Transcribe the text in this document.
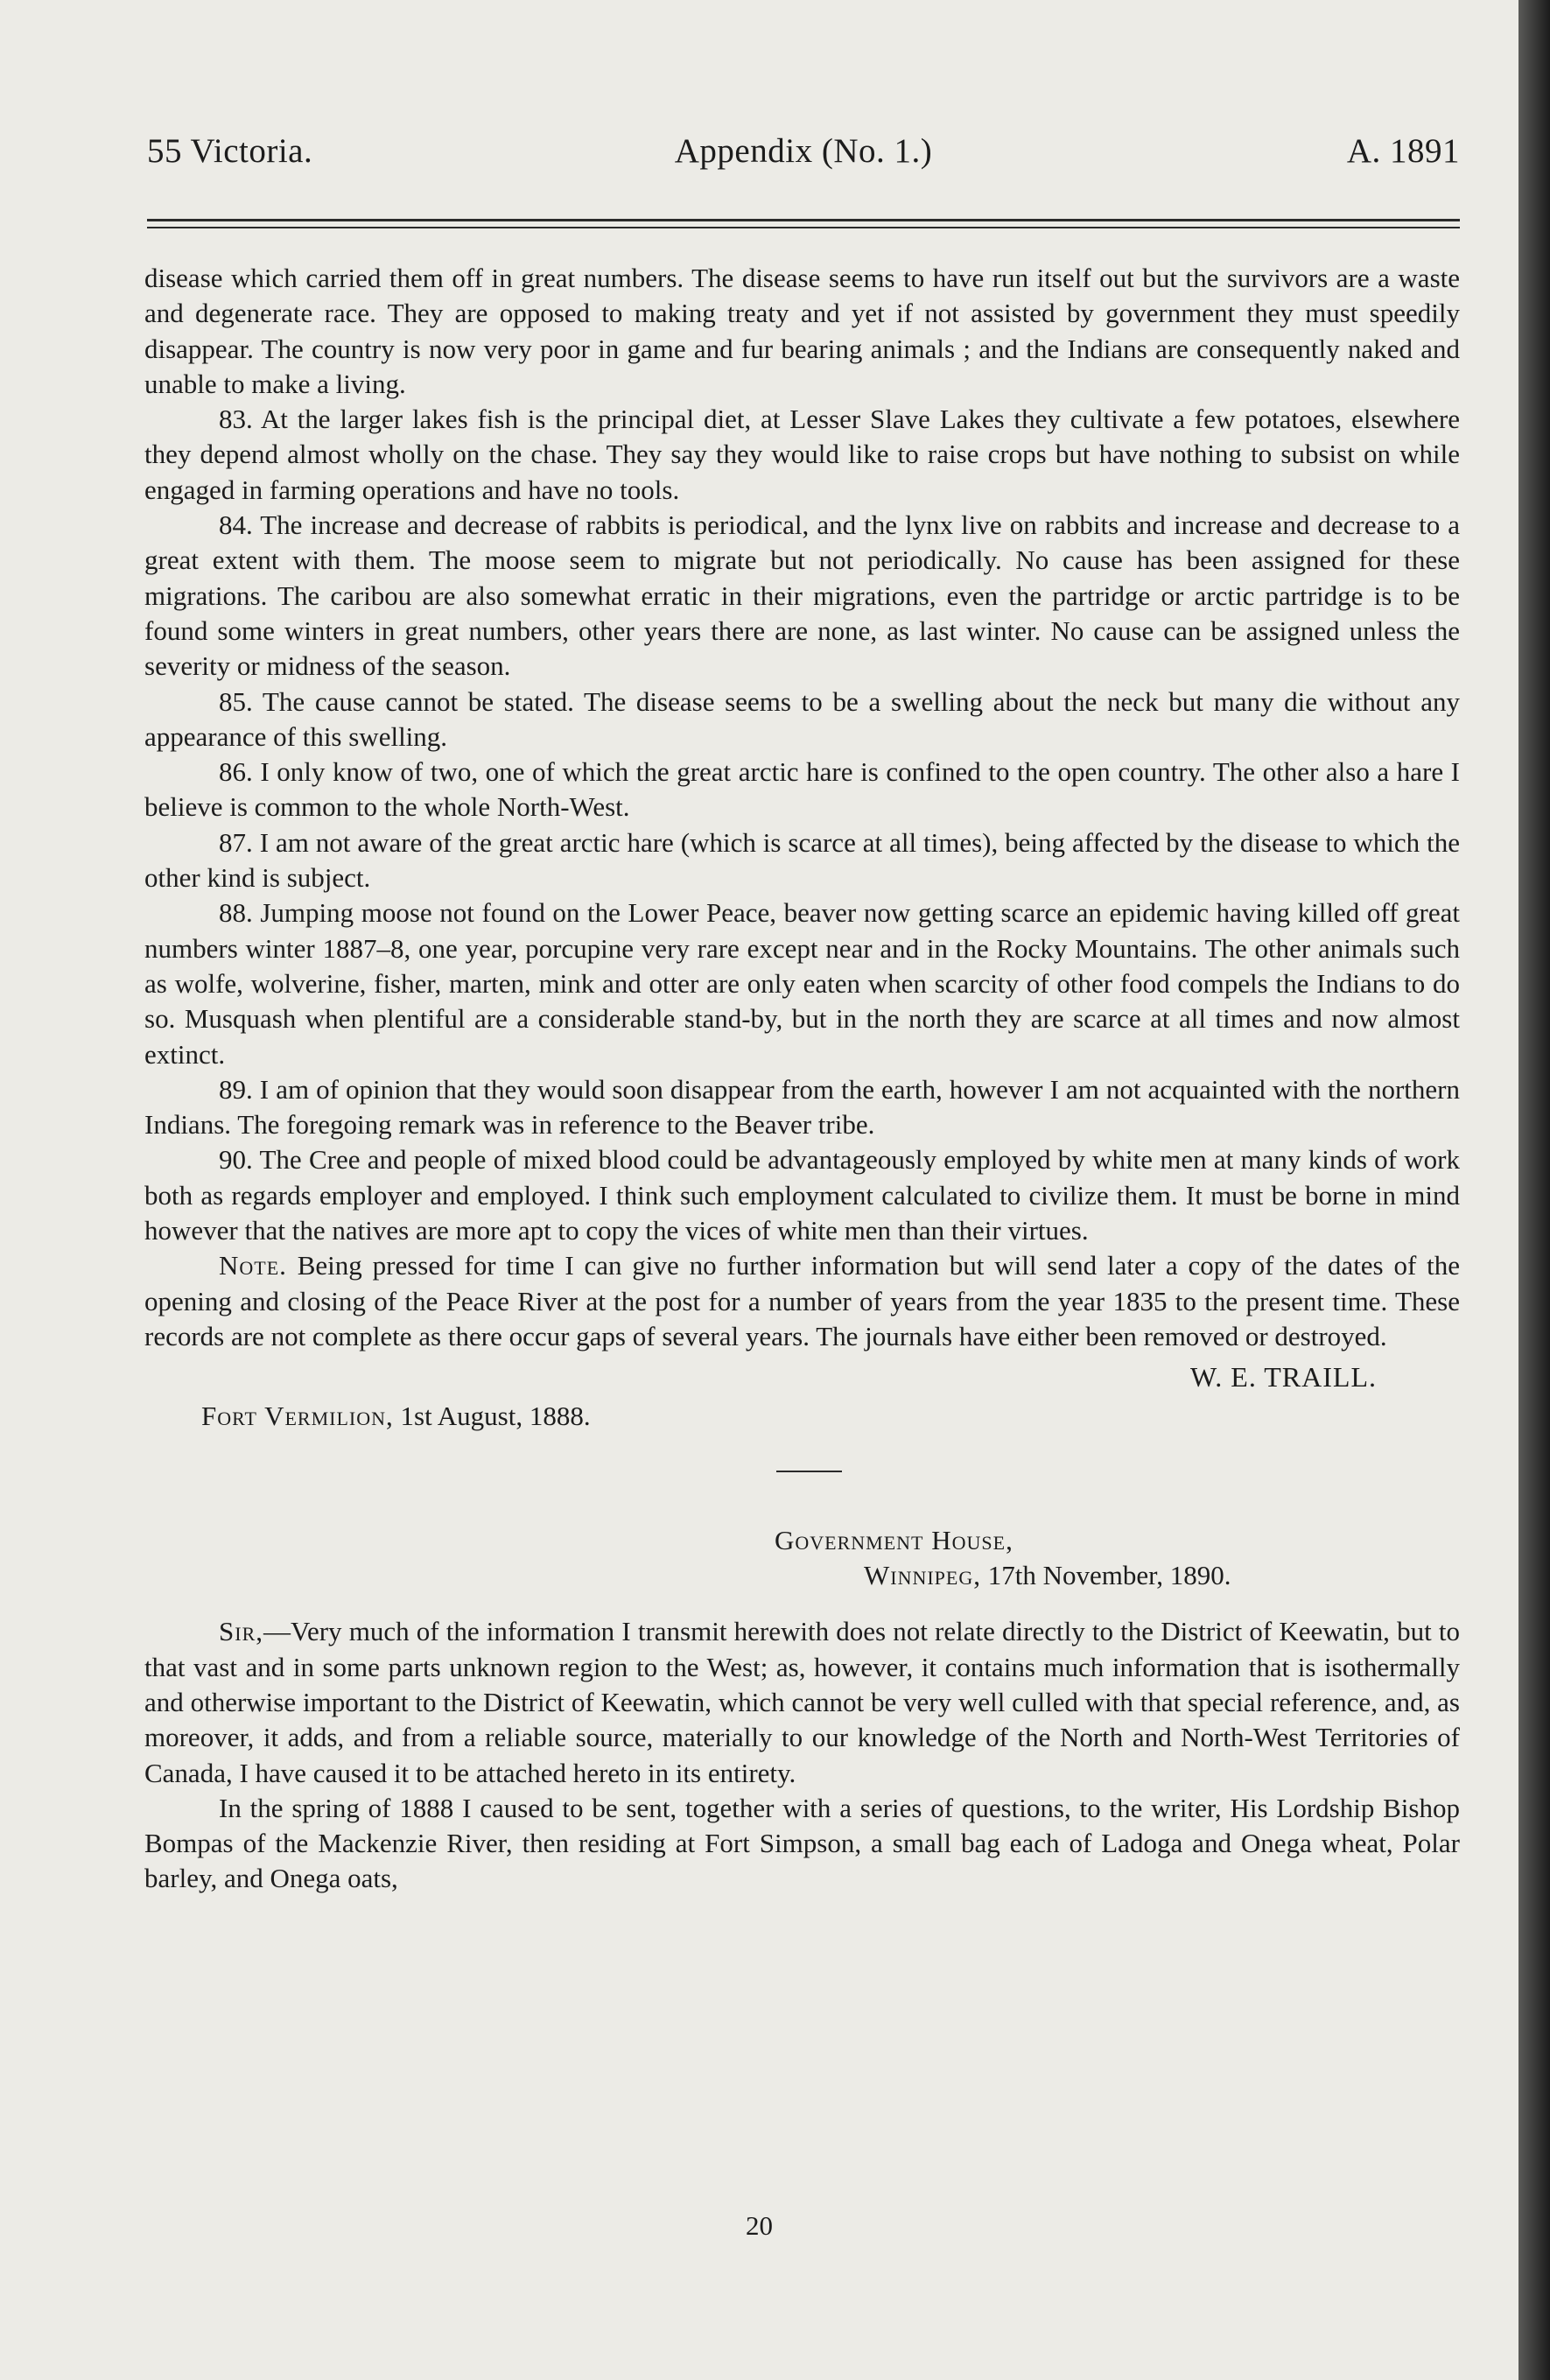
55 Victoria.	Appendix (No. 1.)	A. 1891

disease which carried them off in great numbers. The disease seems to have run itself out but the survivors are a waste and degenerate race. They are opposed to making treaty and yet if not assisted by government they must speedily disappear. The country is now very poor in game and fur bearing animals ; and the Indians are consequently naked and unable to make a living.

83. At the larger lakes fish is the principal diet, at Lesser Slave Lakes they cultivate a few potatoes, elsewhere they depend almost wholly on the chase. They say they would like to raise crops but have nothing to subsist on while engaged in farming operations and have no tools.

84. The increase and decrease of rabbits is periodical, and the lynx live on rabbits and increase and decrease to a great extent with them. The moose seem to migrate but not periodically. No cause has been assigned for these migrations. The caribou are also somewhat erratic in their migrations, even the partridge or arctic partridge is to be found some winters in great numbers, other years there are none, as last winter. No cause can be assigned unless the severity or midness of the season.

85. The cause cannot be stated. The disease seems to be a swelling about the neck but many die without any appearance of this swelling.

86. I only know of two, one of which the great arctic hare is confined to the open country. The other also a hare I believe is common to the whole North-West.

87. I am not aware of the great arctic hare (which is scarce at all times), being affected by the disease to which the other kind is subject.

88. Jumping moose not found on the Lower Peace, beaver now getting scarce an epidemic having killed off great numbers winter 1887–8, one year, porcupine very rare except near and in the Rocky Mountains. The other animals such as wolfe, wolverine, fisher, marten, mink and otter are only eaten when scarcity of other food compels the Indians to do so. Musquash when plentiful are a considerable stand-by, but in the north they are scarce at all times and now almost extinct.

89. I am of opinion that they would soon disappear from the earth, however I am not acquainted with the northern Indians. The foregoing remark was in reference to the Beaver tribe.

90. The Cree and people of mixed blood could be advantageously employed by white men at many kinds of work both as regards employer and employed. I think such employment calculated to civilize them. It must be borne in mind however that the natives are more apt to copy the vices of white men than their virtues.

Note. Being pressed for time I can give no further information but will send later a copy of the dates of the opening and closing of the Peace River at the post for a number of years from the year 1835 to the present time. These records are not complete as there occur gaps of several years. The journals have either been removed or destroyed.

W. E. TRAILL.
Fort Vermilion, 1st August, 1888.
Government House,
Winnipeg, 17th November, 1890.

Sir,—Very much of the information I transmit herewith does not relate directly to the District of Keewatin, but to that vast and in some parts unknown region to the West; as, however, it contains much information that is isothermally and otherwise important to the District of Keewatin, which cannot be very well culled with that special reference, and, as moreover, it adds, and from a reliable source, materially to our knowledge of the North and North-West Territories of Canada, I have caused it to be attached hereto in its entirety.

In the spring of 1888 I caused to be sent, together with a series of questions, to the writer, His Lordship Bishop Bompas of the Mackenzie River, then residing at Fort Simpson, a small bag each of Ladoga and Onega wheat, Polar barley, and Onega oats,

20
